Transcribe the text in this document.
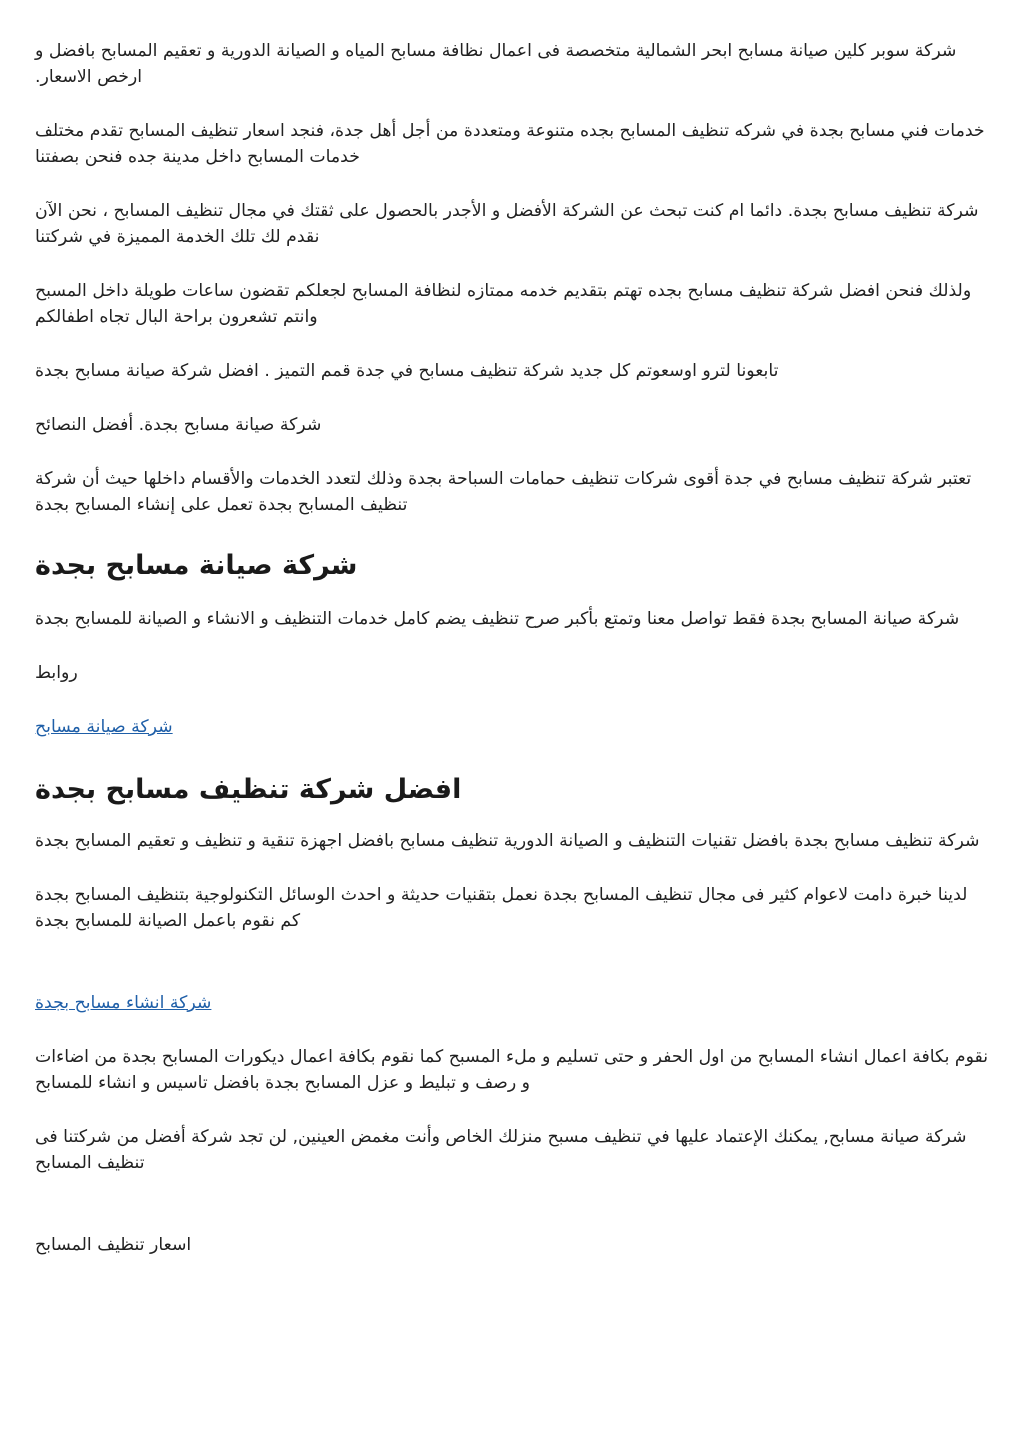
شركة سوبر كلين صيانة مسابح ابحر الشمالية متخصصة فى اعمال نظافة مسابح المياه و الصيانة الدورية و تعقيم المسابح بافضل و ارخص الاسعار.

خدمات فني مسابح بجدة في شركه تنظيف المسابح بجده متنوعة ومتعددة من أجل أهل جدة، فنجد اسعار تنظيف المسابح تقدم مختلف خدمات المسابح داخل مدينة جده فنحن بصفتنا

شركة تنظيف مسابح بجدة. دائما ام كنت تبحث عن الشركة الأفضل و الأجدر بالحصول على ثقتك في مجال تنظيف المسابح ، نحن الآن نقدم لك تلك الخدمة المميزة في شركتنا

ولذلك فنحن افضل شركة تنظيف مسابح بجده تهتم بتقديم خدمه ممتازه لنظافة المسابح لجعلكم تقضون ساعات طويلة داخل المسبح وانتم تشعرون براحة البال تجاه اطفالكم

تابعونا لترو اوسعوتم كل جديد شركة تنظيف مسابح في جدة قمم التميز . افضل شركة صيانة مسابح بجدة

شركة صيانة مسابح بجدة. أفضل النصائح

تعتبر شركة تنظيف مسابح في جدة أقوى شركات تنظيف حمامات السباحة بجدة وذلك لتعدد الخدمات والأقسام داخلها حيث أن شركة تنظيف المسابح بجدة تعمل على إنشاء المسابح بجدة

شركة صيانة مسابح بجدة

شركة صيانة المسابح بجدة فقط تواصل معنا وتمتع بأكبر صرح تنظيف يضم كامل خدمات التنظيف و الانشاء و الصيانة للمسابح بجدة

روابط

شركة صيانة مسابح
افضل شركة تنظيف مسابح بجدة

شركة تنظيف مسابح بجدة بافضل تقنيات التنظيف و الصيانة الدورية تنظيف مسابح بافضل اجهزة تنقية و تنظيف و تعقيم المسابح بجدة

لدينا خبرة دامت لاعوام كثير فى مجال تنظيف المسابح بجدة نعمل بتقنيات حديثة و احدث الوسائل التكنولوجية بتنظيف المسابح بجدة كم نقوم باعمل الصيانة للمسابح بجدة

شركة انشاء مسابح بجدة

نقوم بكافة اعمال انشاء المسابح من اول الحفر و حتى تسليم و ملء المسبح كما نقوم بكافة اعمال ديكورات المسابح بجدة من اضاءات و رصف و تبليط و عزل المسابح بجدة بافضل تاسيس و انشاء للمسابح

شركة صيانة مسابح, يمكنك الإعتماد عليها في تنظيف مسبح منزلك الخاص وأنت مغمض العينين, لن تجد شركة أفضل من شركتنا فى تنظيف المسابح

اسعار تنظيف المسابح
